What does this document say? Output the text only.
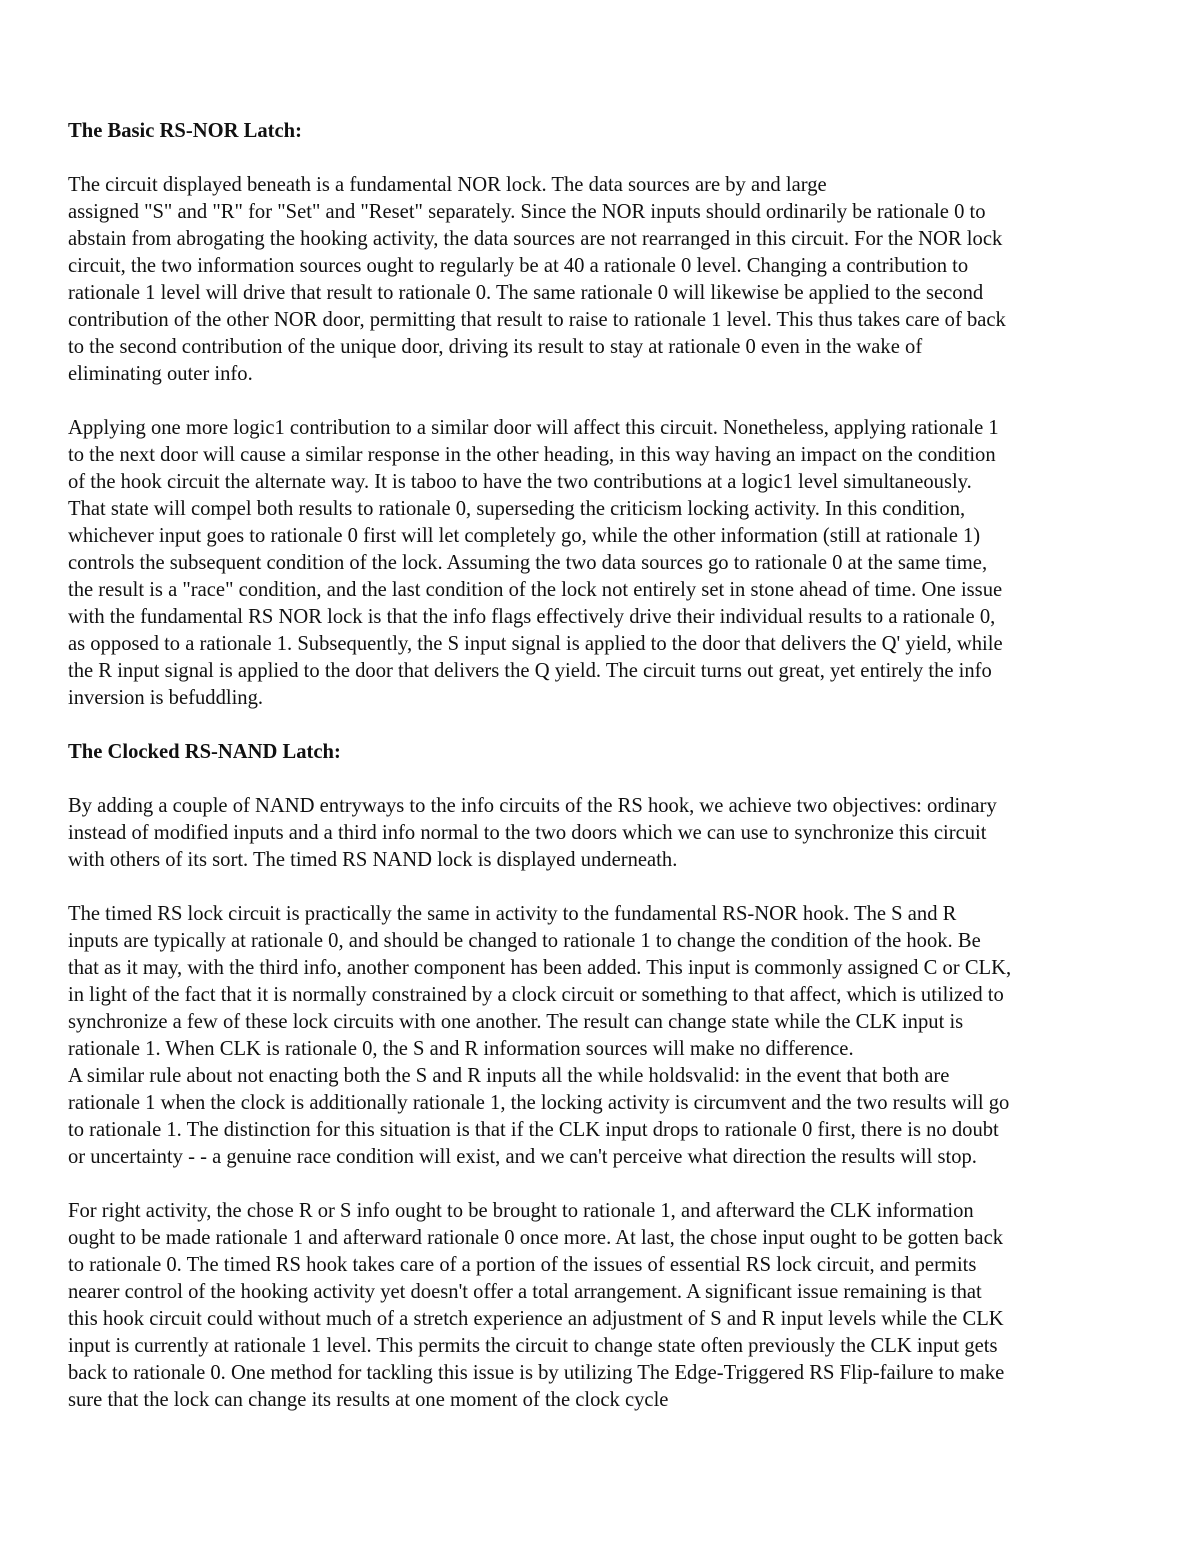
The Basic RS-NOR Latch:
The circuit displayed beneath is a fundamental NOR lock. The data sources are by and large
assigned "S" and "R" for "Set" and "Reset" separately. Since the NOR inputs should ordinarily be rationale 0 to
abstain from abrogating the hooking activity, the data sources are not rearranged in this circuit. For the NOR lock
circuit, the two information sources ought to regularly be at 40 a rationale 0 level. Changing a contribution to
rationale 1 level will drive that result to rationale 0. The same rationale 0 will likewise be applied to the second
contribution of the other NOR door, permitting that result to raise to rationale 1 level. This thus takes care of back
to the second contribution of the unique door, driving its result to stay at rationale 0 even in the wake of
eliminating outer info.
Applying one more logic1 contribution to a similar door will affect this circuit. Nonetheless, applying rationale 1
to the next door will cause a similar response in the other heading, in this way having an impact on the condition
of the hook circuit the alternate way. It is taboo to have the two contributions at a logic1 level simultaneously.
That state will compel both results to rationale 0, superseding the criticism locking activity. In this condition,
whichever input goes to rationale 0 first will let completely go, while the other information (still at rationale 1)
controls the subsequent condition of the lock. Assuming the two data sources go to rationale 0 at the same time,
the result is a "race" condition, and the last condition of the lock not entirely set in stone ahead of time. One issue
with the fundamental RS NOR lock is that the info flags effectively drive their individual results to a rationale 0,
as opposed to a rationale 1. Subsequently, the S input signal is applied to the door that delivers the Q' yield, while
the R input signal is applied to the door that delivers the Q yield. The circuit turns out great, yet entirely the info
inversion is befuddling.
The Clocked RS-NAND Latch:
By adding a couple of NAND entryways to the info circuits of the RS hook, we achieve two objectives: ordinary
instead of modified inputs and a third info normal to the two doors which we can use to synchronize this circuit
with others of its sort. The timed RS NAND lock is displayed underneath.
The timed RS lock circuit is practically the same in activity to the fundamental RS-NOR hook. The S and R
inputs are typically at rationale 0, and should be changed to rationale 1 to change the condition of the hook. Be
that as it may, with the third info, another component has been added. This input is commonly assigned C or CLK,
in light of the fact that it is normally constrained by a clock circuit or something to that affect, which is utilized to
synchronize a few of these lock circuits with one another. The result can change state while the CLK input is
rationale 1. When CLK is rationale 0, the S and R information sources will make no difference.
A similar rule about not enacting both the S and R inputs all the while holdsvalid: in the event that both are
rationale 1 when the clock is additionally rationale 1, the locking activity is circumvent and the two results will go
to rationale 1. The distinction for this situation is that if the CLK input drops to rationale 0 first, there is no doubt
or uncertainty - - a genuine race condition will exist, and we can't perceive what direction the results will stop.
For right activity, the chose R or S info ought to be brought to rationale 1, and afterward the CLK information
ought to be made rationale 1 and afterward rationale 0 once more. At last, the chose input ought to be gotten back
to rationale 0. The timed RS hook takes care of a portion of the issues of essential RS lock circuit, and permits
nearer control of the hooking activity yet doesn't offer a total arrangement. A significant issue remaining is that
this hook circuit could without much of a stretch experience an adjustment of S and R input levels while the CLK
input is currently at rationale 1 level. This permits the circuit to change state often previously the CLK input gets
back to rationale 0. One method for tackling this issue is by utilizing The Edge-Triggered RS Flip-failure to make
sure that the lock can change its results at one moment of the clock cycle
